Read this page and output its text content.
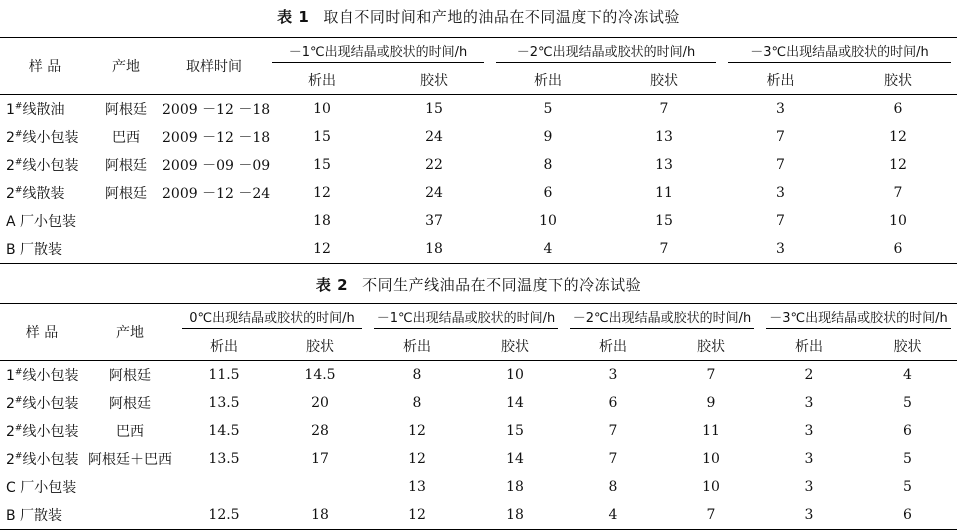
表 1 取自不同时间和产地的油品在不同温度下的冷冻试验
样 品	产地	取样时间	－1℃出现结晶或胶状的时间/h		－2℃出现结晶或胶状的时间/h		－3℃出现结晶或胶状的时间/h	

			析出	胶状	析出	胶状	析出	胶状
1#线散油	阿根廷	2009 －12 －18	10	15	5	7	3	6
2#线小包装	巴西	2009 －12 －18	15	24	9	13	7	12
2#线小包装	阿根廷	2009 －09 －09	15	22	8	13	7	12
2#线散装	阿根廷	2009 －12 －24	12	24	6	11	3	7
A 厂小包装			18	37	10	15	7	10
B 厂散装			12	18	4	7	3	6
表 2 不同生产线油品在不同温度下的冷冻试验
样 品	产地	0℃出现结晶或胶状的时间/h		－1℃出现结晶或胶状的时间/h		－2℃出现结晶或胶状的时间/h		－3℃出现结晶或胶状的时间/h	

		析出	胶状	析出	胶状	析出	胶状	析出	胶状
1#线小包装	阿根廷	11.5	14.5	8	10	3	7	2	4
2#线小包装	阿根廷	13.5	20	8	14	6	9	3	5
2#线小包装	巴西	14.5	28	12	15	7	11	3	6
2#线小包装	阿根廷＋巴西	13.5	17	12	14	7	10	3	5
C 厂小包装				13	18	8	10	3	5
B 厂散装		12.5	18	12	18	4	7	3	6
